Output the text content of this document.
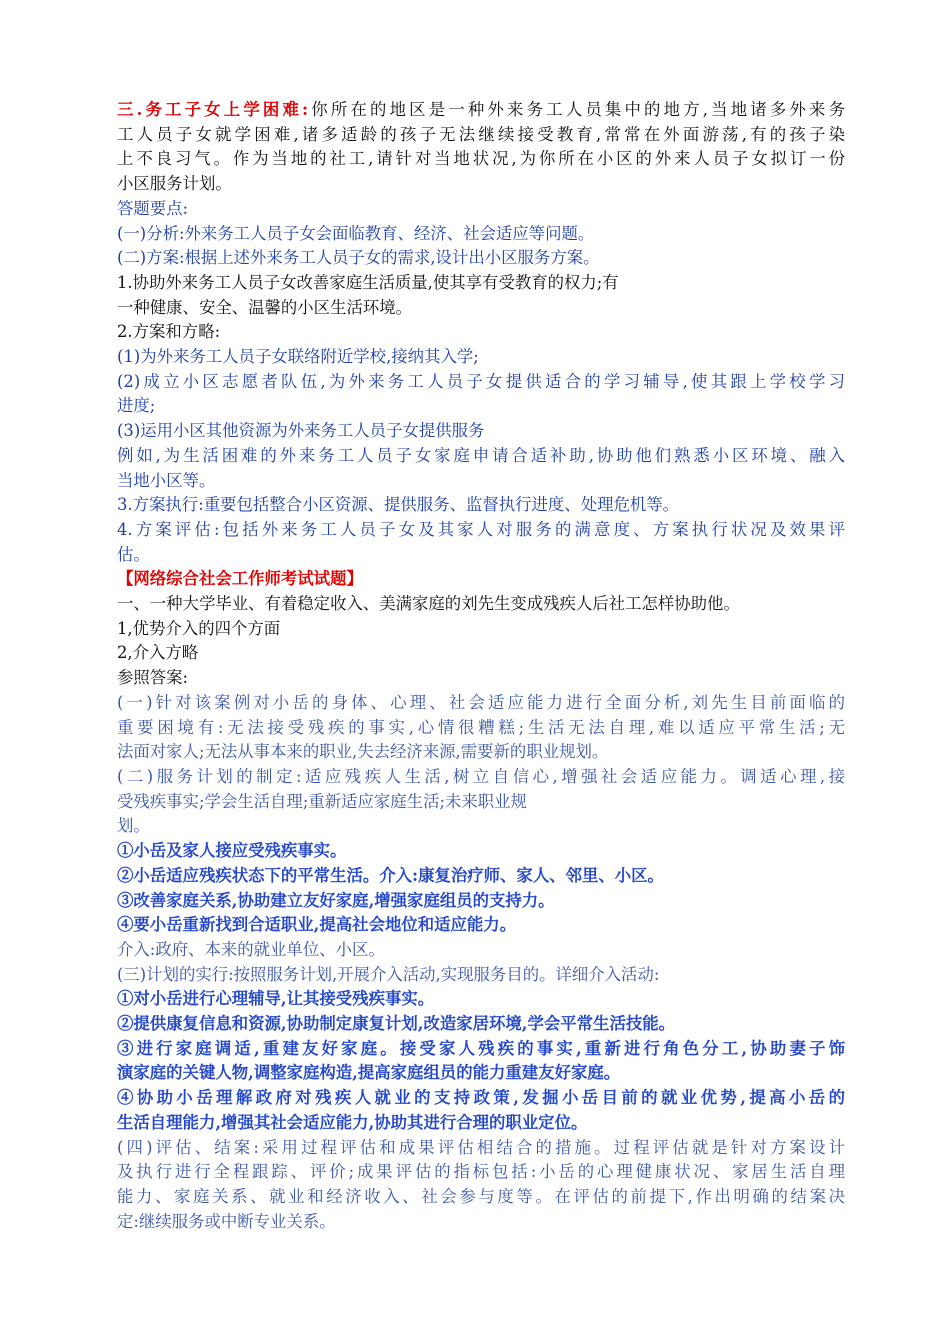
三.务工子女上学困难:你所在的地区是一种外来务工人员集中的地方,当地诸多外来务

工人员子女就学困难,诸多适龄的孩子无法继续接受教育,常常在外面游荡,有的孩子染

上不良习气。作为当地的社工,请针对当地状况,为你所在小区的外来人员子女拟订一份

小区服务计划。

答题要点:

(一)分析:外来务工人员子女会面临教育、经济、社会适应等问题。

(二)方案:根据上述外来务工人员子女的需求,设计出小区服务方案。

1.协助外来务工人员子女改善家庭生活质量,使其享有受教育的权力;有

一种健康、安全、温馨的小区生活环境。

2.方案和方略:

(1)为外来务工人员子女联络附近学校,接纳其入学;

(2)成立小区志愿者队伍,为外来务工人员子女提供适合的学习辅导,使其跟上学校学习

进度;

(3)运用小区其他资源为外来务工人员子女提供服务

例如,为生活困难的外来务工人员子女家庭申请合适补助,协助他们熟悉小区环境、融入

当地小区等。

3.方案执行:重要包括整合小区资源、提供服务、监督执行进度、处理危机等。

4.方案评估:包括外来务工人员子女及其家人对服务的满意度、方案执行状况及效果评

估。

【网络综合社会工作师考试试题】

一、一种大学毕业、有着稳定收入、美满家庭的刘先生变成残疾人后社工怎样协助他。

1,优势介入的四个方面

2,介入方略

参照答案:

(一)针对该案例对小岳的身体、心理、社会适应能力进行全面分析,刘先生目前面临的

重要困境有:无法接受残疾的事实,心情很糟糕;生活无法自理,难以适应平常生活;无

法面对家人;无法从事本来的职业,失去经济来源,需要新的职业规划。

(二)服务计划的制定:适应残疾人生活,树立自信心,增强社会适应能力。调适心理,接

受残疾事实;学会生活自理;重新适应家庭生活;未来职业规

划。

①小岳及家人接应受残疾事实。

②小岳适应残疾状态下的平常生活。介入:康复治疗师、家人、邻里、小区。

③改善家庭关系,协助建立友好家庭,增强家庭组员的支持力。

④要小岳重新找到合适职业,提高社会地位和适应能力。

介入:政府、本来的就业单位、小区。

(三)计划的实行:按照服务计划,开展介入活动,实现服务目的。详细介入活动:

①对小岳进行心理辅导,让其接受残疾事实。

②提供康复信息和资源,协助制定康复计划,改造家居环境,学会平常生活技能。

③进行家庭调适,重建友好家庭。接受家人残疾的事实,重新进行角色分工,协助妻子饰

演家庭的关键人物,调整家庭构造,提高家庭组员的能力重建友好家庭。

④协助小岳理解政府对残疾人就业的支持政策,发掘小岳目前的就业优势,提高小岳的

生活自理能力,增强其社会适应能力,协助其进行合理的职业定位。

(四)评估、结案:采用过程评估和成果评估相结合的措施。过程评估就是针对方案设计

及执行进行全程跟踪、评价;成果评估的指标包括:小岳的心理健康状况、家居生活自理

能力、家庭关系、就业和经济收入、社会参与度等。在评估的前提下,作出明确的结案决

定:继续服务或中断专业关系。
